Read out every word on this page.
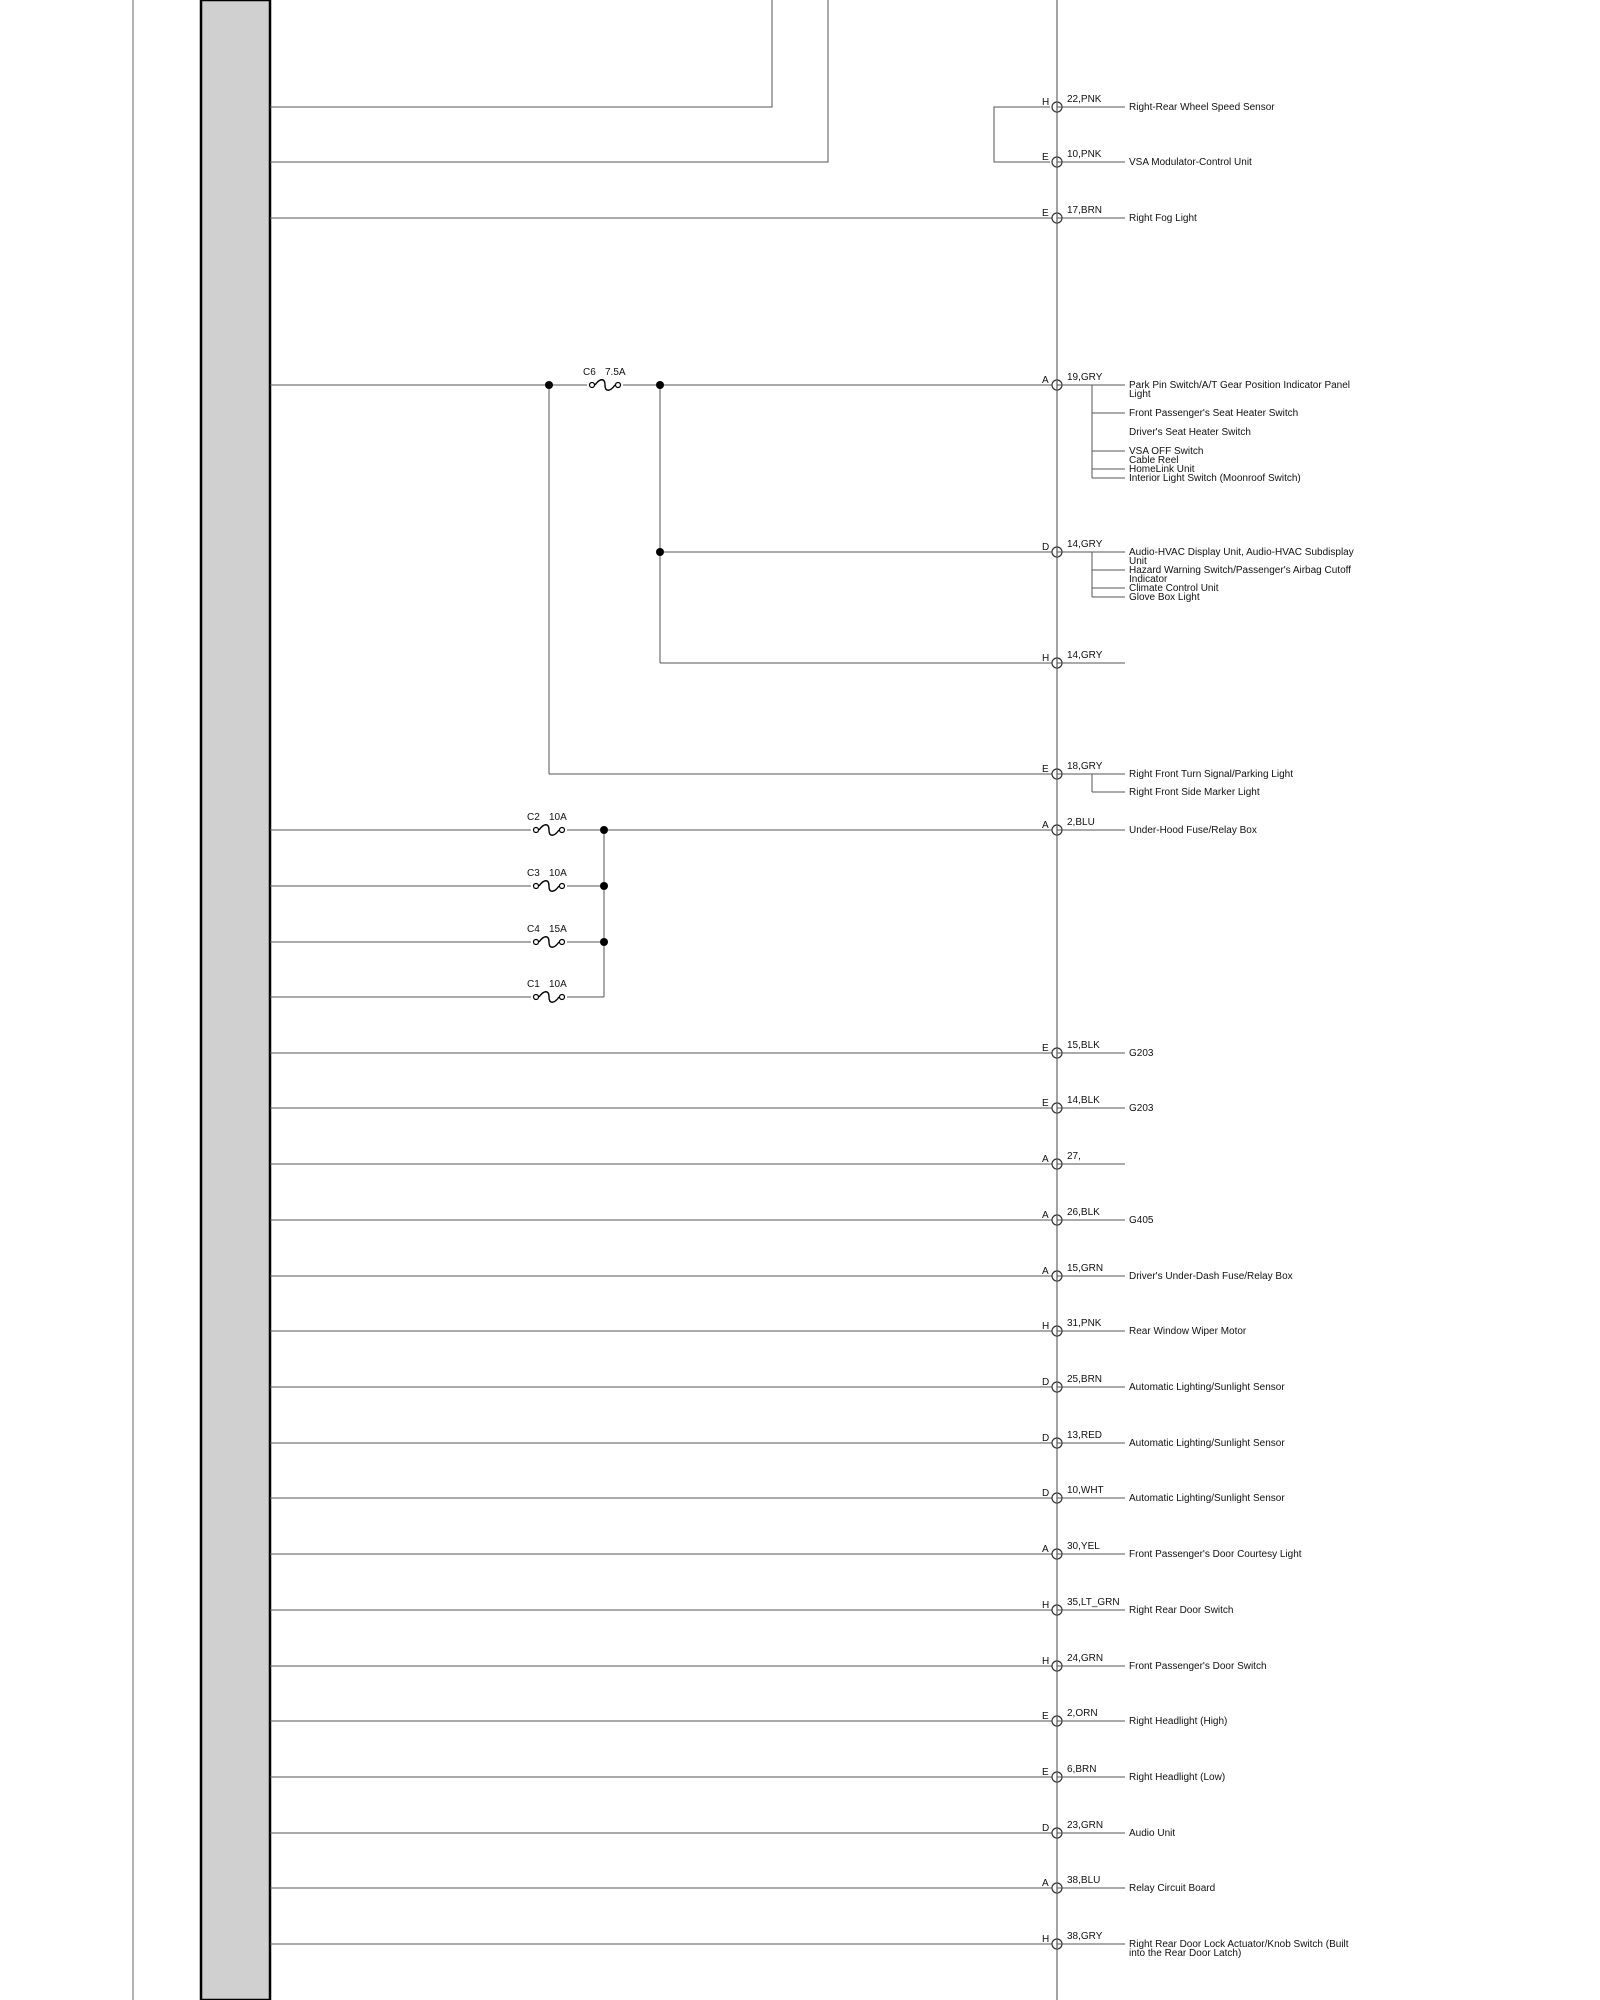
C6 7.5A
C2 10A
C3 10A
C4 15A
C1 10A
H 22,PNK
Right-Rear Wheel Speed Sensor
E 10,PNK
VSA Modulator-Control Unit
E 17,BRN
Right Fog Light
A 19,GRY
Park Pin Switch/A/T Gear Position Indicator Panel
Light
Front Passenger's Seat Heater Switch
Driver's Seat Heater Switch
VSA OFF Switch
Cable Reel
HomeLink Unit
Interior Light Switch (Moonroof Switch)
D 14,GRY
Audio-HVAC Display Unit, Audio-HVAC Subdisplay
Unit
Hazard Warning Switch/Passenger's Airbag Cutoff
Indicator
Climate Control Unit
Glove Box Light
H 14,GRY
E 18,GRY
Right Front Turn Signal/Parking Light
Right Front Side Marker Light
A 2,BLU
Under-Hood Fuse/Relay Box
E 15,BLK
G203
E 14,BLK
G203
A 27,
A 26,BLK
G405
A 15,GRN
Driver's Under-Dash Fuse/Relay Box
H 31,PNK
Rear Window Wiper Motor
D 25,BRN
Automatic Lighting/Sunlight Sensor
D 13,RED
Automatic Lighting/Sunlight Sensor
D 10,WHT
Automatic Lighting/Sunlight Sensor
A 30,YEL
Front Passenger's Door Courtesy Light
H 35,LT_GRN
Right Rear Door Switch
H 24,GRN
Front Passenger's Door Switch
E 2,ORN
Right Headlight (High)
E 6,BRN
Right Headlight (Low)
D 23,GRN
Audio Unit
A 38,BLU
Relay Circuit Board
H 38,GRY
Right Rear Door Lock Actuator/Knob Switch (Built
into the Rear Door Latch)
